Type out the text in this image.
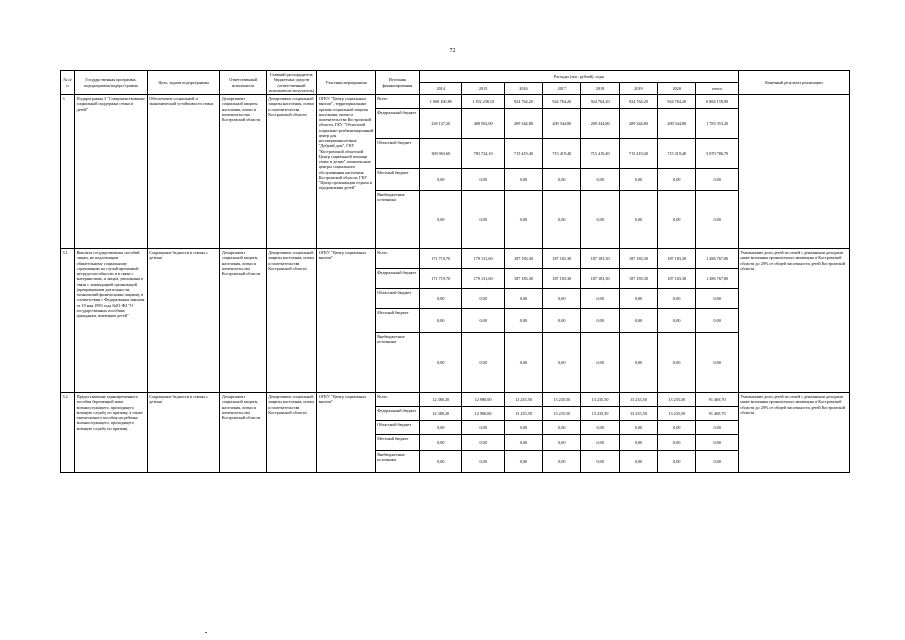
72
№ п/п	Государственная программа, подпрограмма/подпро-грамма	Цель, задачи подпрограммы	Ответственный исполнитель	Главный распорядитель бюджетных средств (ответственный исполнитель-получатель)	Участник мероприятия	Источник финансирования	Расходы (тыс. рублей), годы								Конечный результат реализации
							2014	2015	2016	2017	2018	2019	2020	итого	
3	Подпрограмма 3 "Совершенствование социальной поддержки семьи и детей"	Обеспечение социальной и экономической устойчивости семьи	Департамент социальной защиты населения, опеки и попечительства Костромской области	Департамент социальной защиты населения, опеки и попечительства Костромской области	ОГКУ "Центр социальных выплат", территориальные органы социальной защиты населения, опеки и попечительства Костромской области, ГКУ "Областной социально-реабилитационный центр для несовершеннолетних "Добрый дом", ГКУ "Костромской областной Центр социальной помощи семье и детям", комплексные центры социального обслуживания населения Костромской области, ГКУ "Центр организации отдыха и оздоровления детей"	Всего	1 068 100,80	1 192 238,10	924 764,20	924 764,20	924 764,20	924 764,20	924 764,20	6 884 159,90	
						Федеральный бюджет	238 137,20	408 502,00	209 344,80	209 344,80	209 344,80	209 344,80	209 344,80	1 783 353,20	
						Областной бюджет	309 963,60	783 724,10	715 419,40	715 419,40	715 419,40	715 419,40	715 419,40	5 070 786,70	
						Местный бюджет	0,00	0,00	0,00	0,00	0,00	0,00	0,00	0,00	
						Внебюджетные источники	0,00	0,00	0,00	0,00	0,00	0,00	0,00	0,00	
3.1	Выплата государственных пособий лицам, не подлежащим обязательному социальному страхованию на случай временной нетрудоспособности и в связи с материнством, и лицам, уволенным в связи с ликвидацией организаций (прекращением деятельности, полномочий физическими лицами), в соответствии с Федеральным законом от 19 мая 1995 года №81-ФЗ "О государственных пособиях гражданам, имеющим детей"	Сокращение бедности в семьях с детьми	Департамент социальной защиты населения, опеки и попечительства Костромской области	Департамент социальной защиты населения, опеки и попечительства Костромской области	ОГКУ "Центр социальных выплат"	Всего	171 719,70	179 131,60	187 183,30	187 183,30	187 183,30	187 183,30	187 183,30	1 286 767,80	Уменьшение доли детей из семей с денежными доходами ниже величины прожиточного минимума в Костромской области до 20% от общей численности детей Костромской области
						Федеральный бюджет	171 719,70	179 131,60	187 183,30	187 183,30	187 183,30	187 183,30	187 183,30	1 286 767,80	
						Областной бюджет	0,00	0,00	0,00	0,00	0,00	0,00	0,00	0,00	
						Местный бюджет	0,00	0,00	0,00	0,00	0,00	0,00	0,00	0,00	
						Внебюджетные источники	0,00	0,00	0,00	0,00	0,00	0,00	0,00	0,00	
3.2	Предоставление единовременного пособия беременной жене военнослужащего, проходящего военную службу по призыву, а также ежемесячного пособия на ребенка военнослужащего, проходящего военную службу по призыву	Сокращение бедности в семьях с детьми	Департамент социальной защиты населения, опеки и попечительства Костромской области	Департамент социальной защиты населения, опеки и попечительства Костромской области	ОГКУ "Центр социальных выплат"	Всего	12 380,20	12 980,00	13 235,50	13 235,50	13 235,50	13 235,50	13 235,50	91 469,70	Уменьшение доли детей из семей с денежными доходами ниже величины прожиточного минимума в Костромской области до 20% от общей численности детей Костромской области
						Федеральный бюджет	12 380,20	12 980,00	13 235,50	13 235,50	13 235,50	13 235,50	13 235,50	91 469,70	
						Областной бюджет	0,00	0,00	0,00	0,00	0,00	0,00	0,00	0,00	
						Местный бюджет	0,00	0,00	0,00	0,00	0,00	0,00	0,00	0,00	
						Внебюджетные источники	0,00	0,00	0,00	0,00	0,00	0,00	0,00	0,00	
